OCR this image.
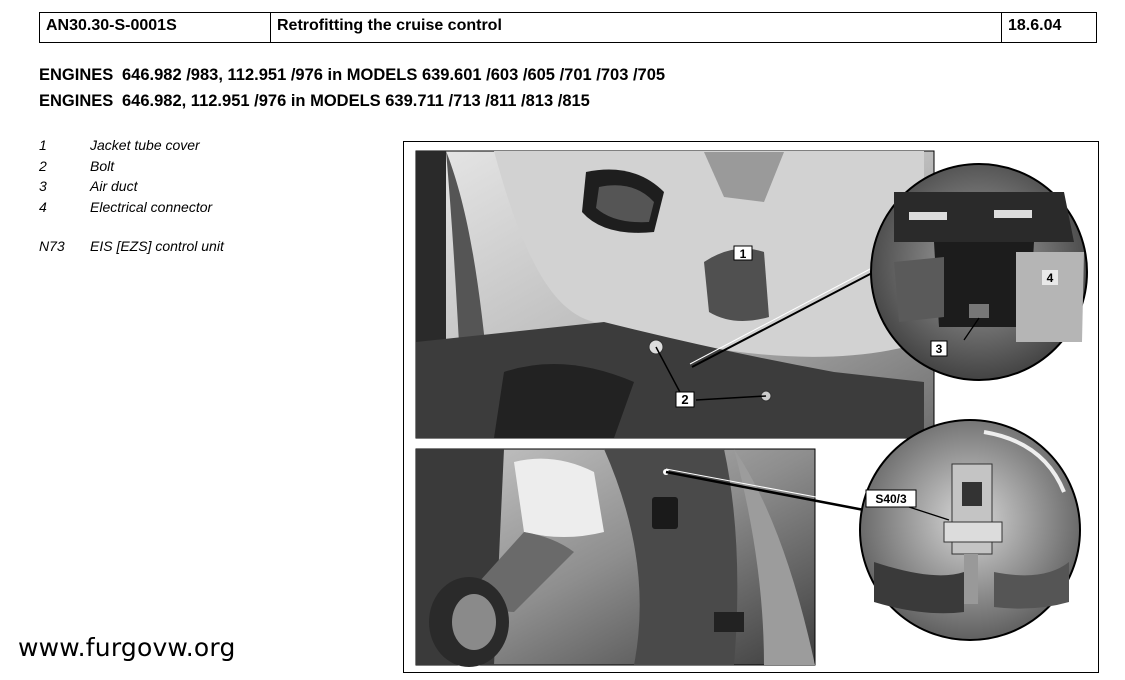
AN30.30-S-0001S	Retrofitting the cruise control	18.6.04
ENGINES 646.982 /983, 112.951 /976 in MODELS 639.601 /603 /605 /701 /703 /705
ENGINES 646.982, 112.951 /976 in MODELS 639.711 /713 /811 /813 /815
1	Jacket tube cover
2	Bolt
3	Air duct
4	Electrical connector
N73	EIS [EZS] control unit
2
1
3
4
S40/3
www.furgovw.org
